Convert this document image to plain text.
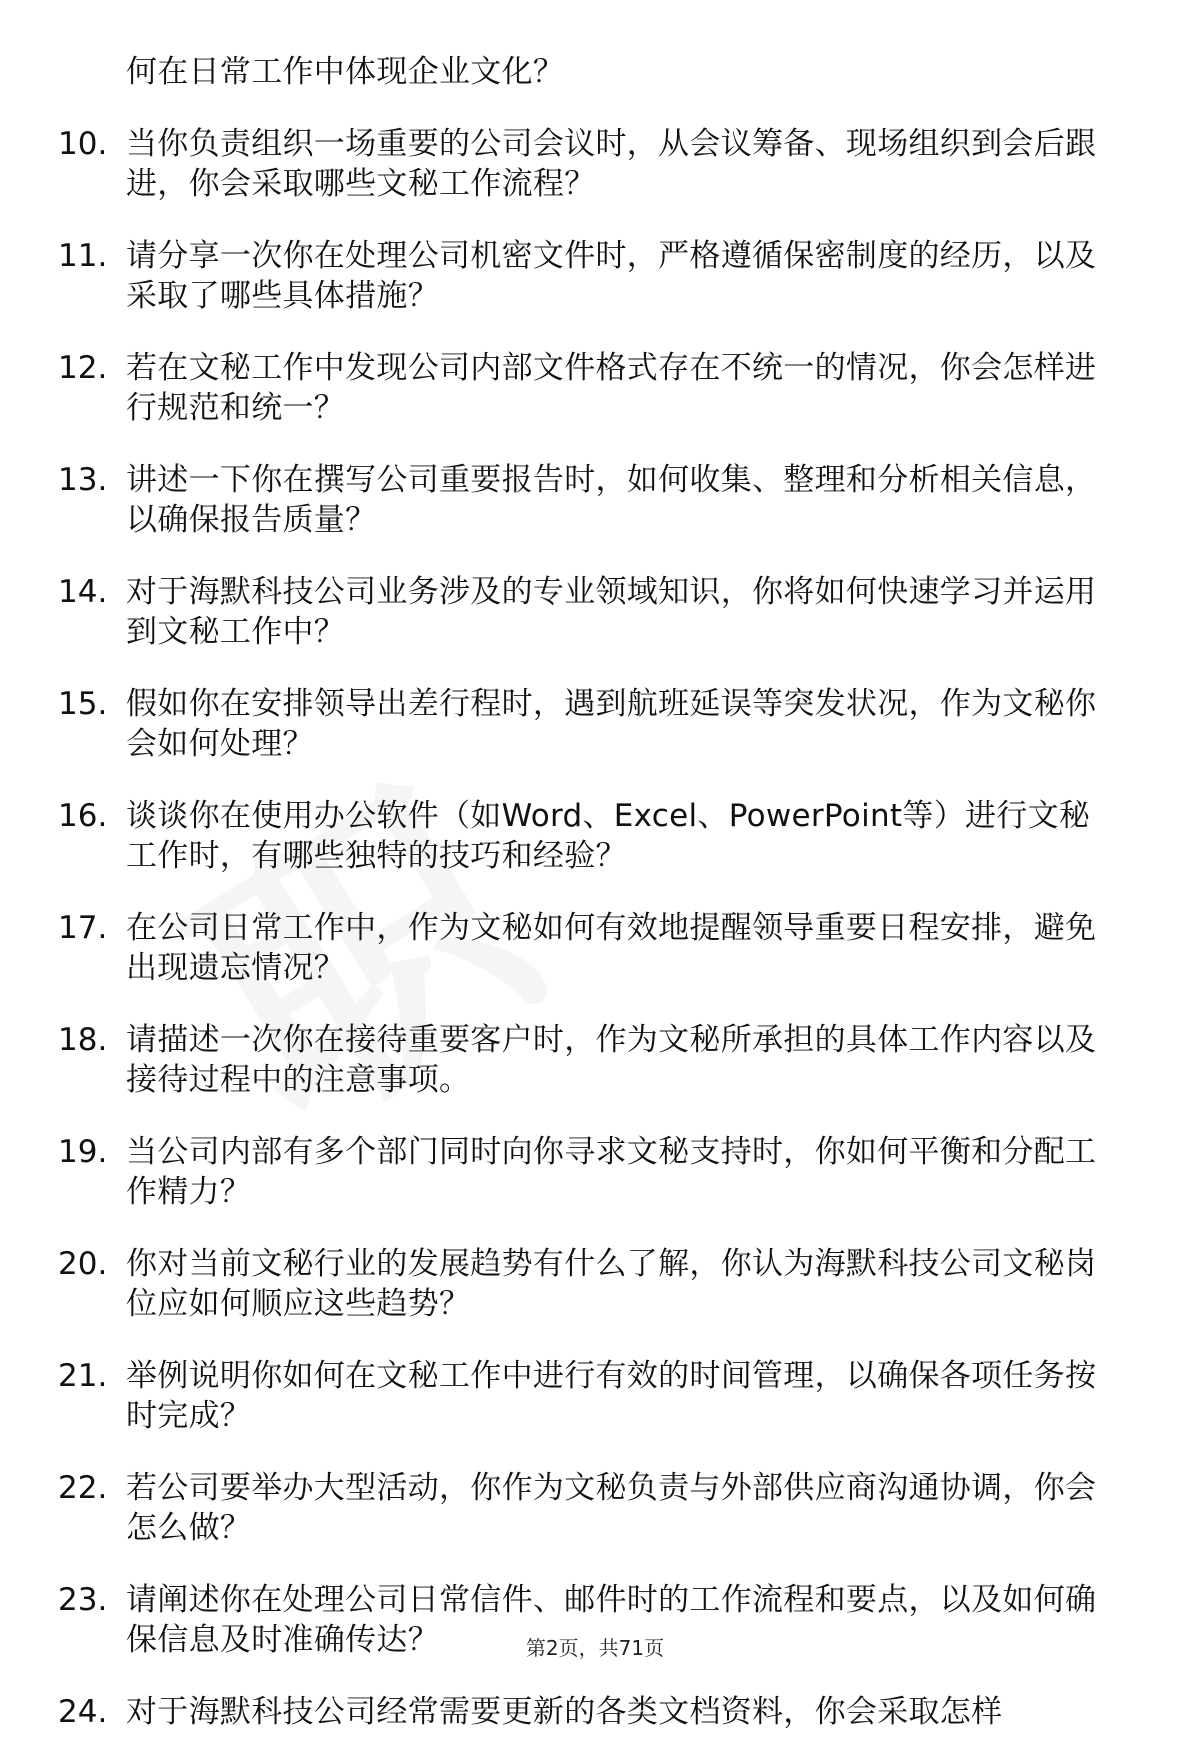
何在日常工作中体现企业文化？
10. 当你负责组织一场重要的公司会议时，从会议筹备、现场组织到会后跟进，你会采取哪些文秘工作流程？
11. 请分享一次你在处理公司机密文件时，严格遵循保密制度的经历，以及采取了哪些具体措施？
12. 若在文秘工作中发现公司内部文件格式存在不统一的情况，你会怎样进行规范和统一？
13. 讲述一下你在撰写公司重要报告时，如何收集、整理和分析相关信息，以确保报告质量？
14. 对于海默科技公司业务涉及的专业领域知识，你将如何快速学习并运用到文秘工作中？
15. 假如你在安排领导出差行程时，遇到航班延误等突发状况，作为文秘你会如何处理？
16. 谈谈你在使用办公软件（如Word、Excel、PowerPoint等）进行文秘工作时，有哪些独特的技巧和经验？
17. 在公司日常工作中，作为文秘如何有效地提醒领导重要日程安排，避免出现遗忘情况？
18. 请描述一次你在接待重要客户时，作为文秘所承担的具体工作内容以及接待过程中的注意事项。
19. 当公司内部有多个部门同时向你寻求文秘支持时，你如何平衡和分配工作精力？
20. 你对当前文秘行业的发展趋势有什么了解，你认为海默科技公司文秘岗位应如何顺应这些趋势？
21. 举例说明你如何在文秘工作中进行有效的时间管理，以确保各项任务按时完成？
22. 若公司要举办大型活动，你作为文秘负责与外部供应商沟通协调，你会怎么做？
23. 请阐述你在处理公司日常信件、邮件时的工作流程和要点，以及如何确保信息及时准确传达？
24. 对于海默科技公司经常需要更新的各类文档资料，你会采取怎样
第2页，共71页
